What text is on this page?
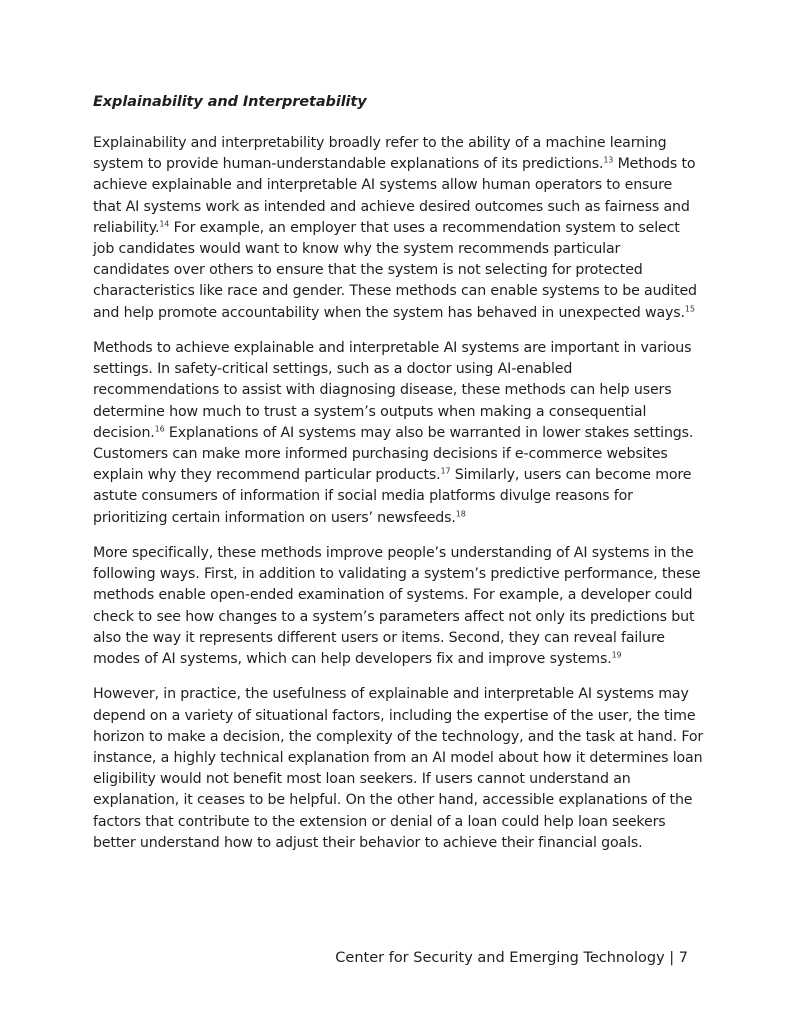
Explainability and Interpretability

Explainability and interpretability broadly refer to the ability of a machine learning
system to provide human-understandable explanations of its predictions.$^{13}$ Methods to
achieve explainable and interpretable AI systems allow human operators to ensure
that AI systems work as intended and achieve desired outcomes such as fairness and
reliability.$^{14}$ For example, an employer that uses a recommendation system to select
job candidates would want to know why the system recommends particular
candidates over others to ensure that the system is not selecting for protected
characteristics like race and gender. These methods can enable systems to be audited
and help promote accountability when the system has behaved in unexpected ways.$^{15}$

Methods to achieve explainable and interpretable AI systems are important in various
settings. In safety-critical settings, such as a doctor using AI-enabled
recommendations to assist with diagnosing disease, these methods can help users
determine how much to trust a system’s outputs when making a consequential
decision.$^{16}$ Explanations of AI systems may also be warranted in lower stakes settings.
Customers can make more informed purchasing decisions if e-commerce websites
explain why they recommend particular products.$^{17}$ Similarly, users can become more
astute consumers of information if social media platforms divulge reasons for
prioritizing certain information on users’ newsfeeds.$^{18}$

More specifically, these methods improve people’s understanding of AI systems in the
following ways. First, in addition to validating a system’s predictive performance, these
methods enable open-ended examination of systems. For example, a developer could
check to see how changes to a system’s parameters affect not only its predictions but
also the way it represents different users or items. Second, they can reveal failure
modes of AI systems, which can help developers fix and improve systems.$^{19}$

However, in practice, the usefulness of explainable and interpretable AI systems may
depend on a variety of situational factors, including the expertise of the user, the time
horizon to make a decision, the complexity of the technology, and the task at hand. For
instance, a highly technical explanation from an AI model about how it determines loan
eligibility would not benefit most loan seekers. If users cannot understand an
explanation, it ceases to be helpful. On the other hand, accessible explanations of the
factors that contribute to the extension or denial of a loan could help loan seekers
better understand how to adjust their behavior to achieve their financial goals.

Center for Security and Emerging Technology | 7
